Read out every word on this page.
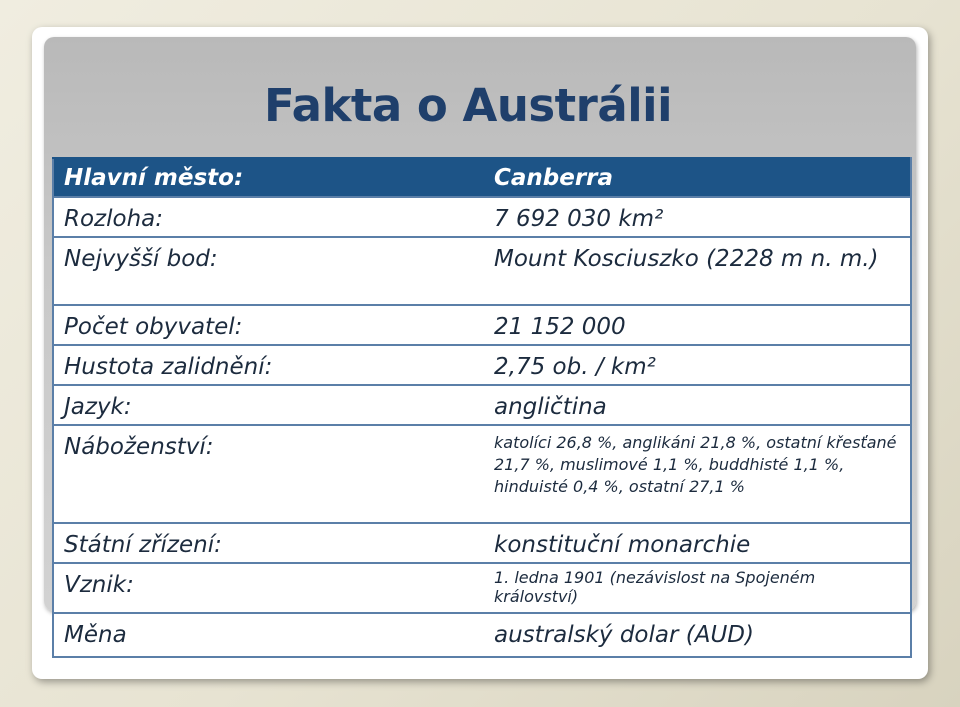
Fakta o Austrálii
Hlavní město:	Canberra
Rozloha:	7 692 030 km²
Nejvyšší bod:	Mount Kosciuszko (2228 m n. m.)
Počet obyvatel:	21 152 000
Hustota zalidnění:	2,75 ob. / km²
Jazyk:	angličtina
Náboženství:	katolíci 26,8 %, anglikáni 21,8 %, ostatní křesťané 21,7 %, muslimové 1,1 %, buddhisté 1,1 %, hinduisté 0,4 %, ostatní 27,1 %
Státní zřízení:	konstituční monarchie
Vznik:	1. ledna 1901 (nezávislost na Spojeném království)
Měna	australský dolar (AUD)
